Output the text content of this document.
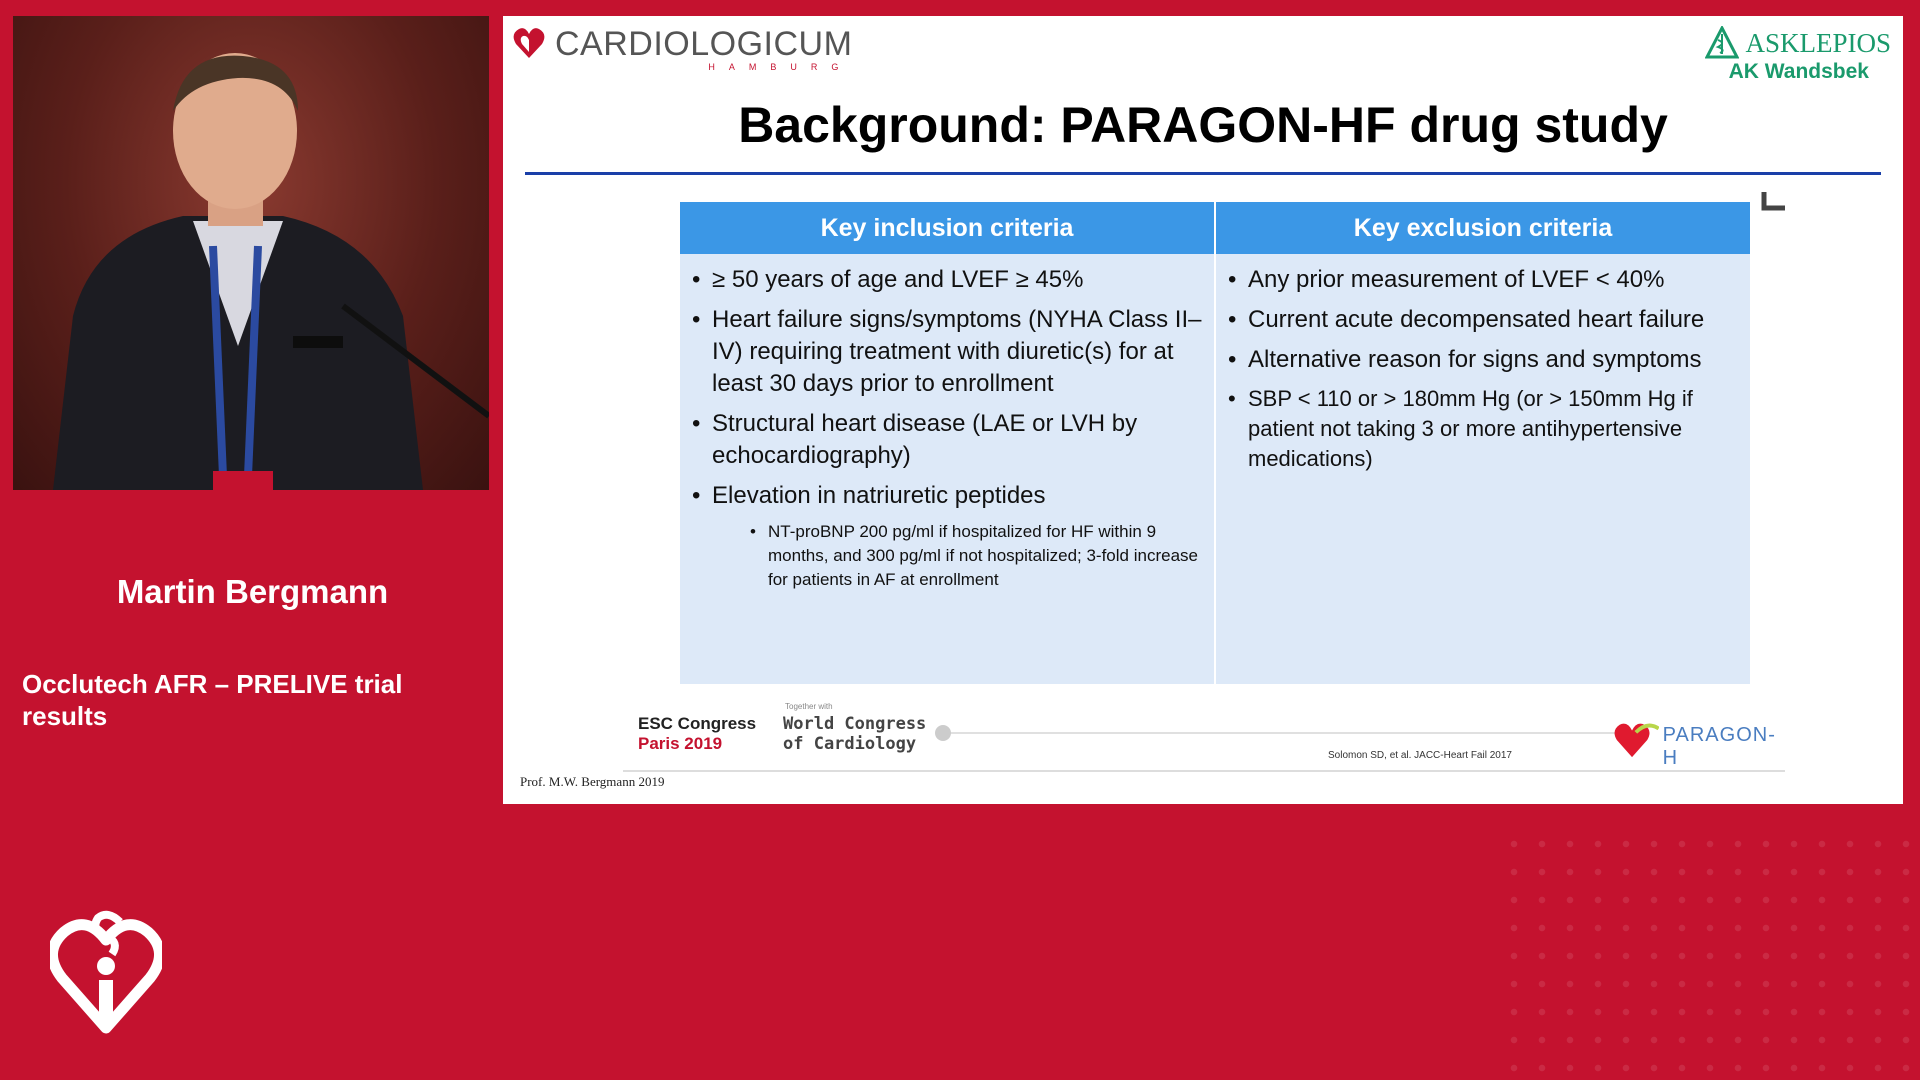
Martin Bergmann
Occlutech AFR – PRELIVE trial results
CARDIOLOGICUM
HAMBURG
ASKLEPIOS
AK Wandsbek
Background: PARAGON-HF drug study
Key inclusion criteria
• ≥ 50 years of age and LVEF ≥ 45%
• Heart failure signs/symptoms (NYHA Class II–IV) requiring treatment with diuretic(s) for at least 30 days prior to enrollment
• Structural heart disease (LAE or LVH by echocardiography)
• Elevation in natriuretic peptides
• NT-proBNP 200 pg/ml if hospitalized for HF within 9 months, and 300 pg/ml if not hospitalized; 3-fold increase for patients in AF at enrollment
Key exclusion criteria
• Any prior measurement of LVEF < 40%
• Current acute decompensated heart failure
• Alternative reason for signs and symptoms
• SBP < 110 or > 180mm Hg (or > 150mm Hg if patient not taking 3 or more antihypertensive medications)
ESC Congress
Paris 2019
Together with
World Congress
of Cardiology
Solomon SD, et al. JACC-Heart Fail 2017
PARAGON-H
Prof. M.W. Bergmann 2019
